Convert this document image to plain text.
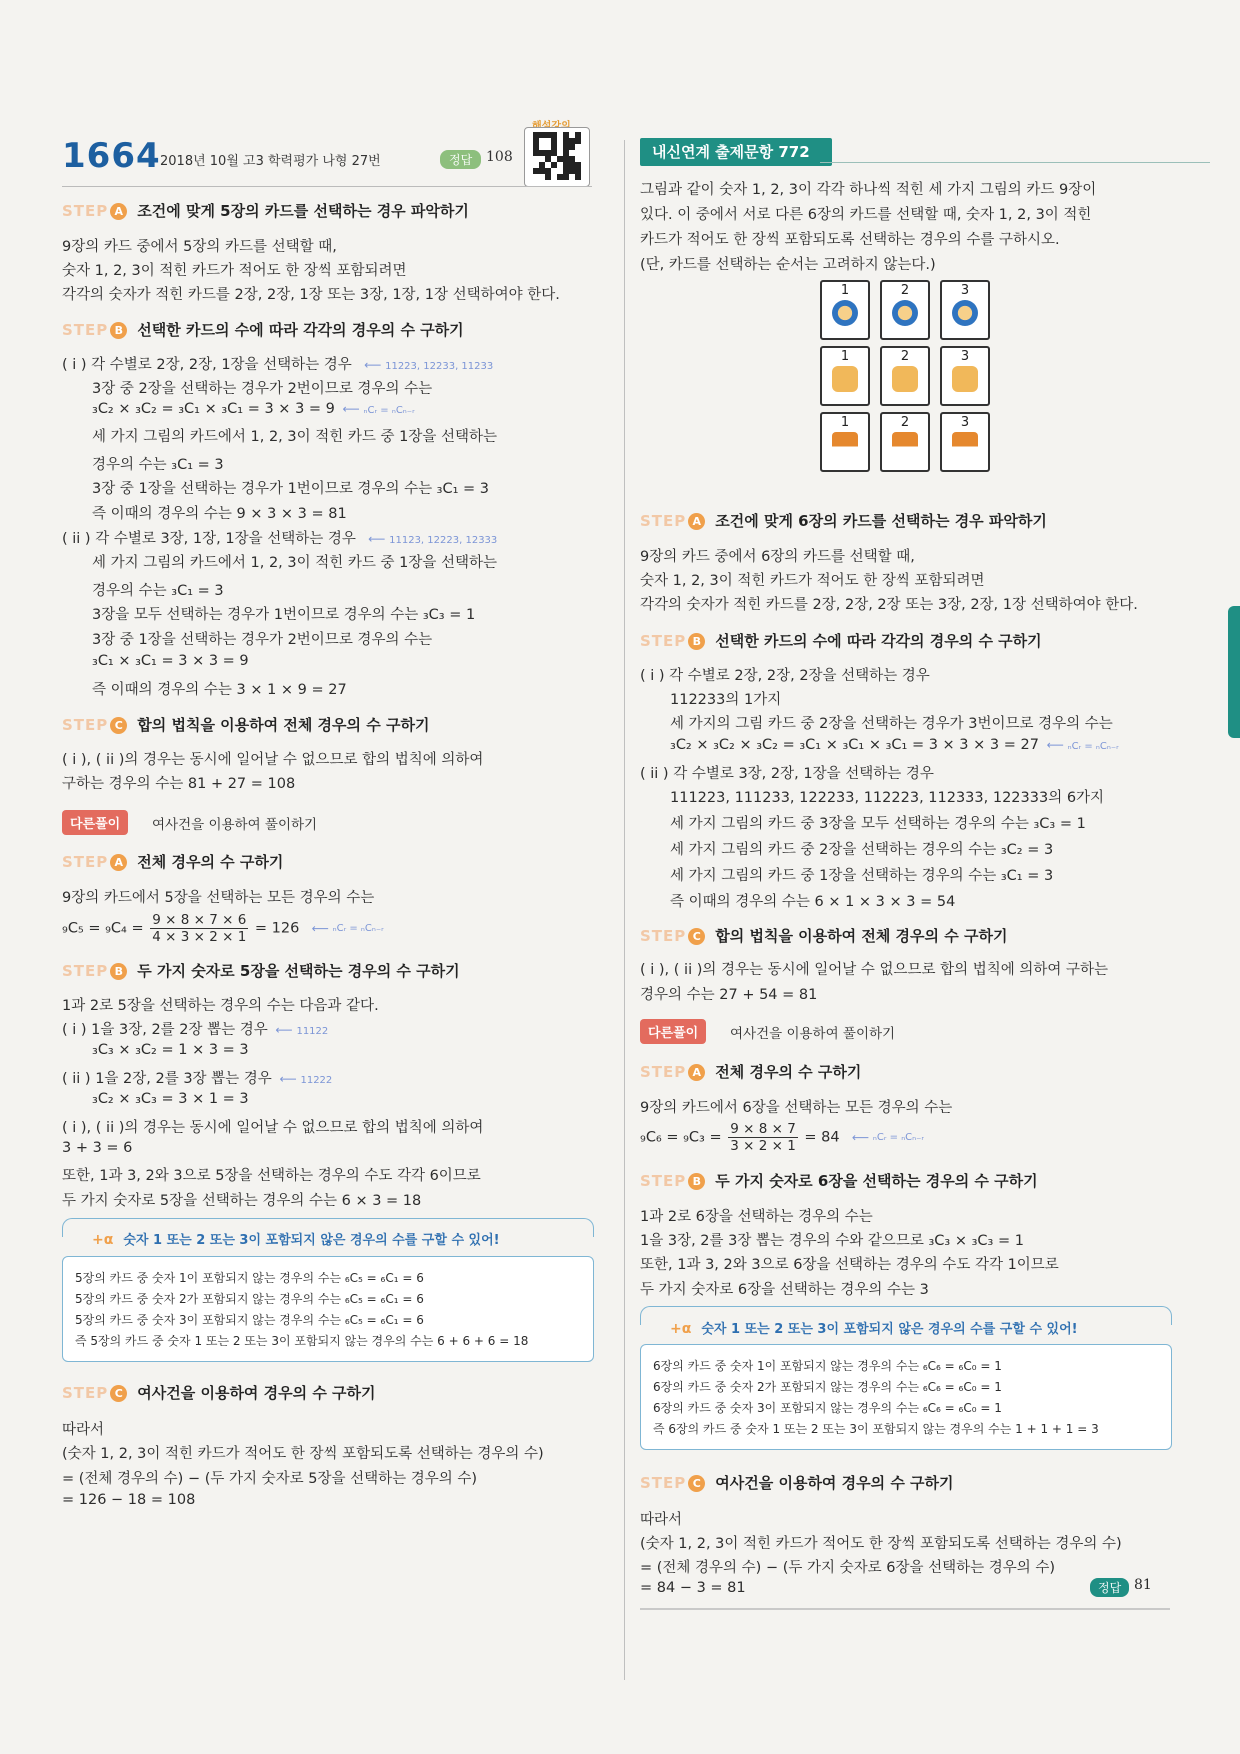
1664 2018년 10월 고3 학력평가 나형 27번	정답 108
STEP A 조건에 맞게 5장의 카드를 선택하는 경우 파악하기
9장의 카드 중에서 5장의 카드를 선택할 때,
숫자 1, 2, 3이 적힌 카드가 적어도 한 장씩 포함되려면
각각의 숫자가 적힌 카드를 2장, 2장, 1장 또는 3장, 1장, 1장 선택하여야 한다.
STEP B 선택한 카드의 수에 따라 각각의 경우의 수 구하기
( i ) 각 수별로 2장, 2장, 1장을 선택하는 경우   ⟵ 11223, 12233, 11233
3장 중 2장을 선택하는 경우가 2번이므로 경우의 수는
₃C₂ × ₃C₂ = ₃C₁ × ₃C₁ = 3 × 3 = 9  ⟵ ₙCᵣ = ₙCₙ₋ᵣ
세 가지 그림의 카드에서 1, 2, 3이 적힌 카드 중 1장을 선택하는
경우의 수는 ₃C₁ = 3
3장 중 1장을 선택하는 경우가 1번이므로 경우의 수는 ₃C₁ = 3
즉 이때의 경우의 수는 9 × 3 × 3 = 81
( ii ) 각 수별로 3장, 1장, 1장을 선택하는 경우   ⟵ 11123, 12223, 12333
세 가지 그림의 카드에서 1, 2, 3이 적힌 카드 중 1장을 선택하는
경우의 수는 ₃C₁ = 3
3장을 모두 선택하는 경우가 1번이므로 경우의 수는 ₃C₃ = 1
3장 중 1장을 선택하는 경우가 2번이므로 경우의 수는
₃C₁ × ₃C₁ = 3 × 3 = 9
즉 이때의 경우의 수는 3 × 1 × 9 = 27
STEP C 합의 법칙을 이용하여 전체 경우의 수 구하기
( i ), ( ii )의 경우는 동시에 일어날 수 없으므로 합의 법칙에 의하여
구하는 경우의 수는 81 + 27 = 108
다른풀이	여사건을 이용하여 풀이하기
STEP A 전체 경우의 수 구하기
9장의 카드에서 5장을 선택하는 모든 경우의 수는
$_9C_5 = _9C_4 = \frac{9 \times 8 \times 7 \times 6}{4 \times 3 \times 2 \times 1} = 126$   ⟵ ₙCᵣ = ₙCₙ₋ᵣ
STEP B 두 가지 숫자로 5장을 선택하는 경우의 수 구하기
1과 2로 5장을 선택하는 경우의 수는 다음과 같다.
( i ) 1을 3장, 2를 2장 뽑는 경우  ⟵ 11122
₃C₃ × ₃C₂ = 1 × 3 = 3
( ii ) 1을 2장, 2를 3장 뽑는 경우  ⟵ 11222
₃C₂ × ₃C₃ = 3 × 1 = 3
( i ), ( ii )의 경우는 동시에 일어날 수 없으므로 합의 법칙에 의하여
3 + 3 = 6
또한, 1과 3, 2와 3으로 5장을 선택하는 경우의 수도 각각 6이므로
두 가지 숫자로 5장을 선택하는 경우의 수는 6 × 3 = 18
+α 숫자 1 또는 2 또는 3이 포함되지 않은 경우의 수를 구할 수 있어!
5장의 카드 중 숫자 1이 포함되지 않는 경우의 수는 ₆C₅ = ₆C₁ = 6
5장의 카드 중 숫자 2가 포함되지 않는 경우의 수는 ₆C₅ = ₆C₁ = 6
5장의 카드 중 숫자 3이 포함되지 않는 경우의 수는 ₆C₅ = ₆C₁ = 6
즉 5장의 카드 중 숫자 1 또는 2 또는 3이 포함되지 않는 경우의 수는 6 + 6 + 6 = 18
STEP C 여사건을 이용하여 경우의 수 구하기
따라서
(숫자 1, 2, 3이 적힌 카드가 적어도 한 장씩 포함되도록 선택하는 경우의 수)
= (전체 경우의 수) − (두 가지 숫자로 5장을 선택하는 경우의 수)
= 126 − 18 = 108
내신연계 출제문항 772
그림과 같이 숫자 1, 2, 3이 각각 하나씩 적힌 세 가지 그림의 카드 9장이
있다. 이 중에서 서로 다른 6장의 카드를 선택할 때, 숫자 1, 2, 3이 적힌
카드가 적어도 한 장씩 포함되도록 선택하는 경우의 수를 구하시오.
(단, 카드를 선택하는 순서는 고려하지 않는다.)
1	2	3
1	2	3
1	2	3
STEP A 조건에 맞게 6장의 카드를 선택하는 경우 파악하기
9장의 카드 중에서 6장의 카드를 선택할 때,
숫자 1, 2, 3이 적힌 카드가 적어도 한 장씩 포함되려면
각각의 숫자가 적힌 카드를 2장, 2장, 2장 또는 3장, 2장, 1장 선택하여야 한다.
STEP B 선택한 카드의 수에 따라 각각의 경우의 수 구하기
( i ) 각 수별로 2장, 2장, 2장을 선택하는 경우
112233의 1가지
세 가지의 그림 카드 중 2장을 선택하는 경우가 3번이므로 경우의 수는
₃C₂ × ₃C₂ × ₃C₂ = ₃C₁ × ₃C₁ × ₃C₁ = 3 × 3 × 3 = 27  ⟵ ₙCᵣ = ₙCₙ₋ᵣ
( ii ) 각 수별로 3장, 2장, 1장을 선택하는 경우
111223, 111233, 122233, 112223, 112333, 122333의 6가지
세 가지 그림의 카드 중 3장을 모두 선택하는 경우의 수는 ₃C₃ = 1
세 가지 그림의 카드 중 2장을 선택하는 경우의 수는 ₃C₂ = 3
세 가지 그림의 카드 중 1장을 선택하는 경우의 수는 ₃C₁ = 3
즉 이때의 경우의 수는 6 × 1 × 3 × 3 = 54
STEP C 합의 법칙을 이용하여 전체 경우의 수 구하기
( i ), ( ii )의 경우는 동시에 일어날 수 없으므로 합의 법칙에 의하여 구하는
경우의 수는 27 + 54 = 81
다른풀이	여사건을 이용하여 풀이하기
STEP A 전체 경우의 수 구하기
9장의 카드에서 6장을 선택하는 모든 경우의 수는
$_9C_6 = _9C_3 = \frac{9 \times 8 \times 7}{3 \times 2 \times 1} = 84$   ⟵ ₙCᵣ = ₙCₙ₋ᵣ
STEP B 두 가지 숫자로 6장을 선택하는 경우의 수 구하기
1과 2로 6장을 선택하는 경우의 수는
1을 3장, 2를 3장 뽑는 경우의 수와 같으므로 ₃C₃ × ₃C₃ = 1
또한, 1과 3, 2와 3으로 6장을 선택하는 경우의 수도 각각 1이므로
두 가지 숫자로 6장을 선택하는 경우의 수는 3
+α 숫자 1 또는 2 또는 3이 포함되지 않은 경우의 수를 구할 수 있어!
6장의 카드 중 숫자 1이 포함되지 않는 경우의 수는 ₆C₆ = ₆C₀ = 1
6장의 카드 중 숫자 2가 포함되지 않는 경우의 수는 ₆C₆ = ₆C₀ = 1
6장의 카드 중 숫자 3이 포함되지 않는 경우의 수는 ₆C₆ = ₆C₀ = 1
즉 6장의 카드 중 숫자 1 또는 2 또는 3이 포함되지 않는 경우의 수는 1 + 1 + 1 = 3
STEP C 여사건을 이용하여 경우의 수 구하기
따라서
(숫자 1, 2, 3이 적힌 카드가 적어도 한 장씩 포함되도록 선택하는 경우의 수)
= (전체 경우의 수) − (두 가지 숫자로 6장을 선택하는 경우의 수)
= 84 − 3 = 81	정답 81
